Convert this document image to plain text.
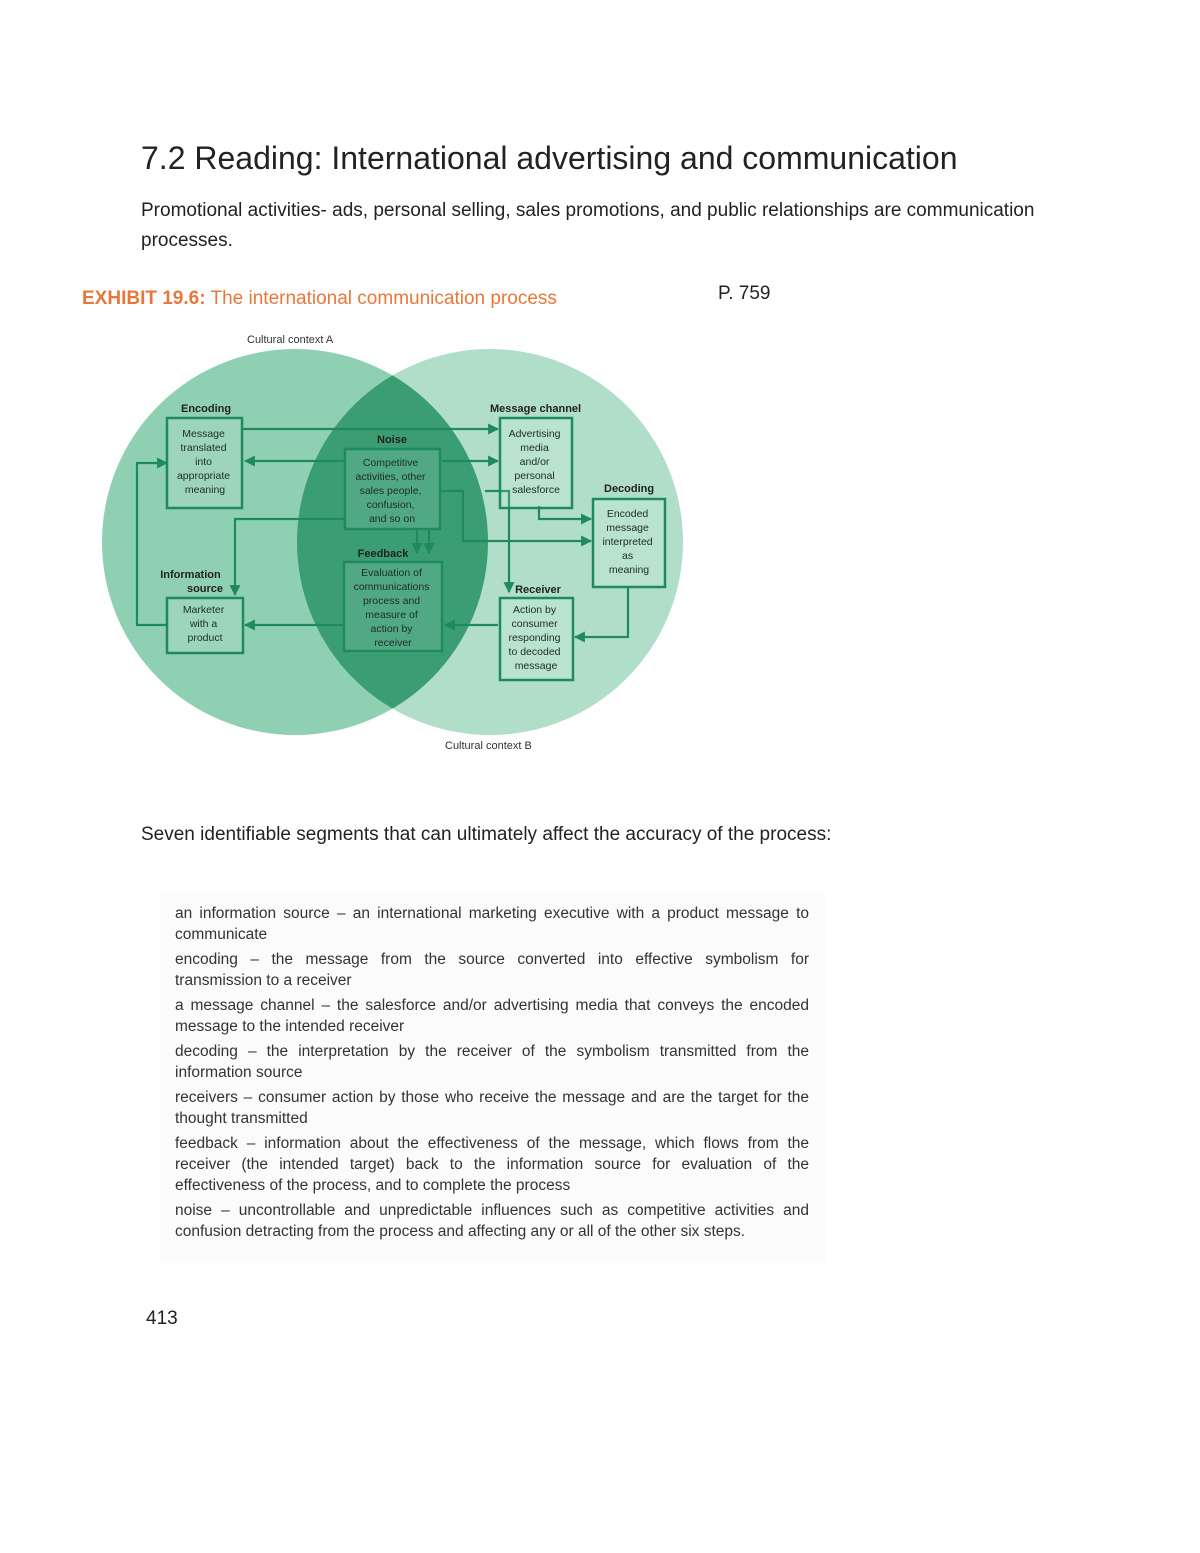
7.2 Reading: International advertising and communication
Promotional activities- ads, personal selling, sales promotions, and public relationships are communication processes.
EXHIBIT 19.6: The international communication process	P. 759
Cultural context A
Cultural context B
Encoding
Message translated into appropriate meaning
Noise
Competitive activities, other sales people, confusion, and so on
Message channel
Advertising media and/or personal salesforce	Decoding
Encoded message interpreted as meaning
Information source
Marketer with a product
Feedback
Evaluation of communications process and measure of action by receiver
Receiver
Action by consumer responding to decoded message
Seven identifiable segments that can ultimately affect the accuracy of the process:
an information source – an international marketing executive with a product message to communicate
encoding – the message from the source converted into effective symbolism for transmission to a receiver
a message channel – the salesforce and/or advertising media that conveys the encoded message to the intended receiver
decoding – the interpretation by the receiver of the symbolism transmitted from the information source
receivers – consumer action by those who receive the message and are the target for the thought transmitted
feedback – information about the effectiveness of the message, which flows from the receiver (the intended target) back to the information source for evaluation of the effectiveness of the process, and to complete the process
noise – uncontrollable and unpredictable influences such as competitive activities and confusion detracting from the process and affecting any or all of the other six steps.
413
